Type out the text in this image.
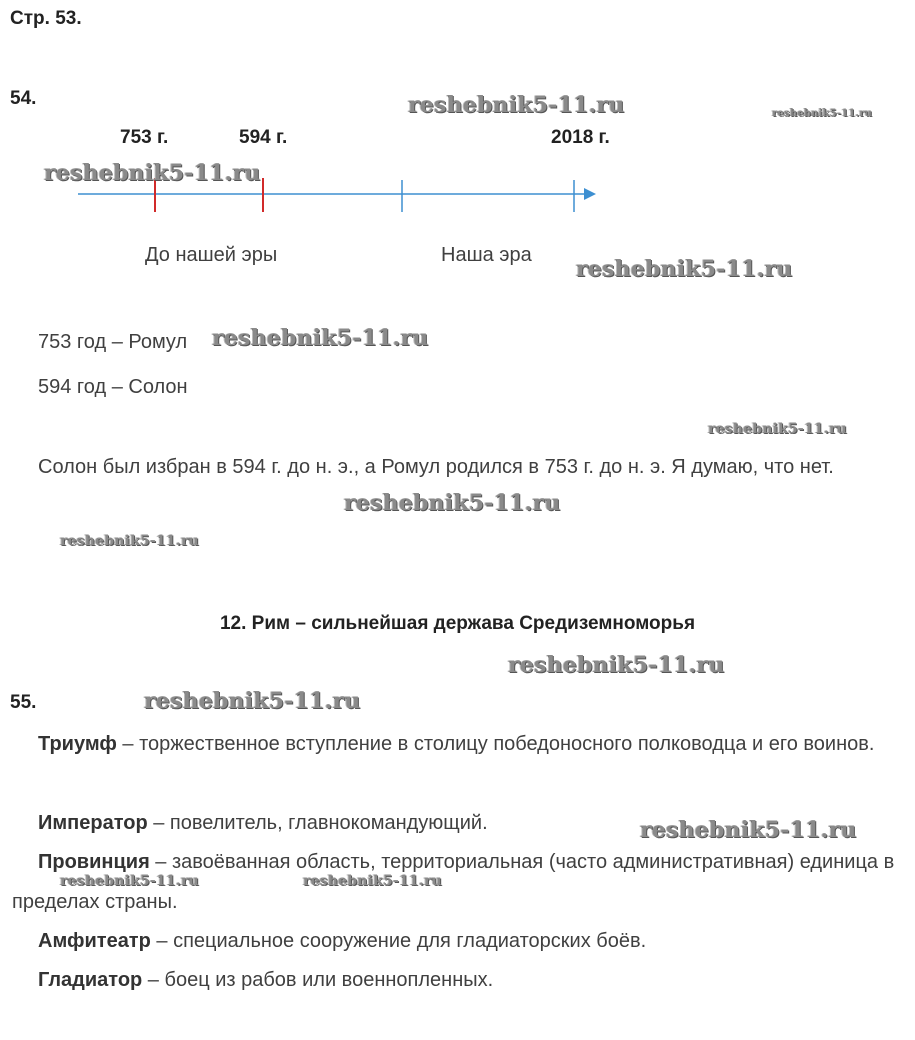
Стр. 53.
54.
753 г.	594 г.	2018 г.
До нашей эры	Наша эра
753 год – Ромул
594 год – Солон
Солон был избран в 594 г. до н. э., а Ромул родился в 753 г. до н. э. Я думаю, что нет.
12. Рим – сильнейшая держава Средиземноморья
55.
Триумф – торжественное вступление в столицу победоносного полководца и его воинов.
Император – повелитель, главнокомандующий.
Провинция – завоёванная область, территориальная (часто административная) единица в пределах страны.
Амфитеатр – специальное сооружение для гладиаторских боёв.
Гладиатор – боец из рабов или военнопленных.
reshebnik5-11.ru	reshebnik5-11.ru
reshebnik5-11.ru
reshebnik5-11.ru
reshebnik5-11.ru
reshebnik5-11.ru
reshebnik5-11.ru
reshebnik5-11.ru
reshebnik5-11.ru
reshebnik5-11.ru
reshebnik5-11.ru
reshebnik5-11.ru	reshebnik5-11.ru
